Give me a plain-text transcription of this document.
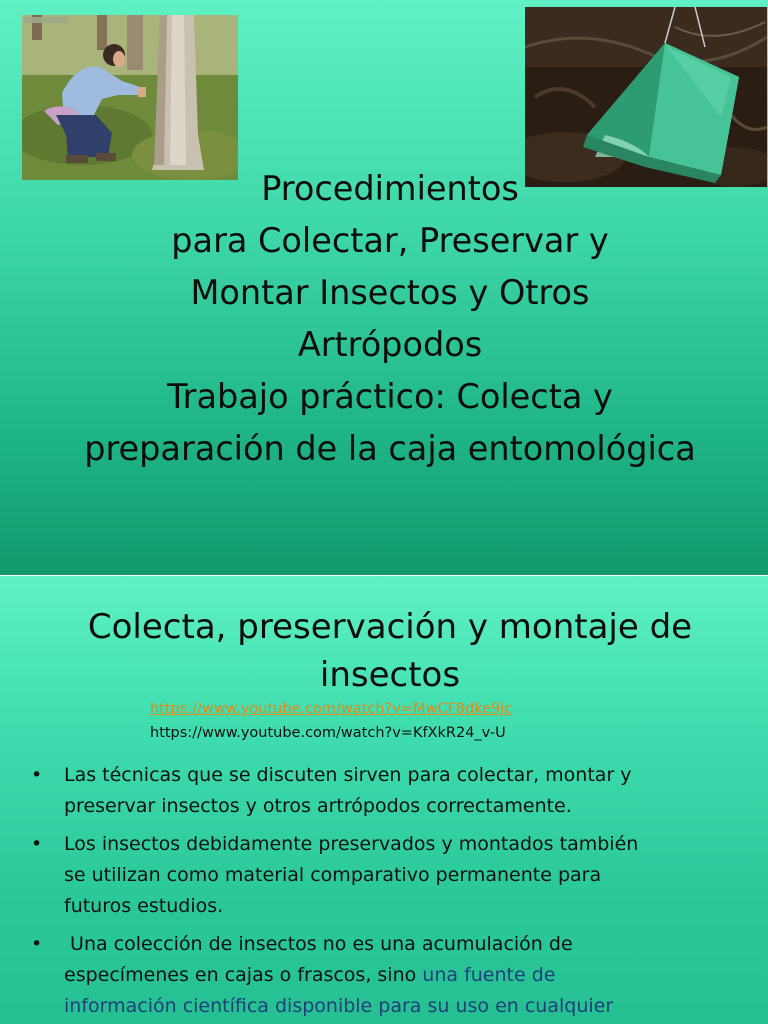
Procedimientos
para Colectar, Preservar y
Montar Insectos y Otros
Artrópodos
Trabajo práctico: Colecta y
preparación de la caja entomológica
Colecta, preservación y montaje de
insectos
https://www.youtube.com/watch?v=MwCF8dke9jc
https://www.youtube.com/watch?v=KfXkR24_v-U
• Las técnicas que se discuten sirven para colectar, montar y
preservar insectos y otros artrópodos correctamente.
• Los insectos debidamente preservados y montados también
se utilizan como material comparativo permanente para
futuros estudios.
• Una colección de insectos no es una acumulación de
especímenes en cajas o frascos, sino una fuente de
información científica disponible para su uso en cualquier
